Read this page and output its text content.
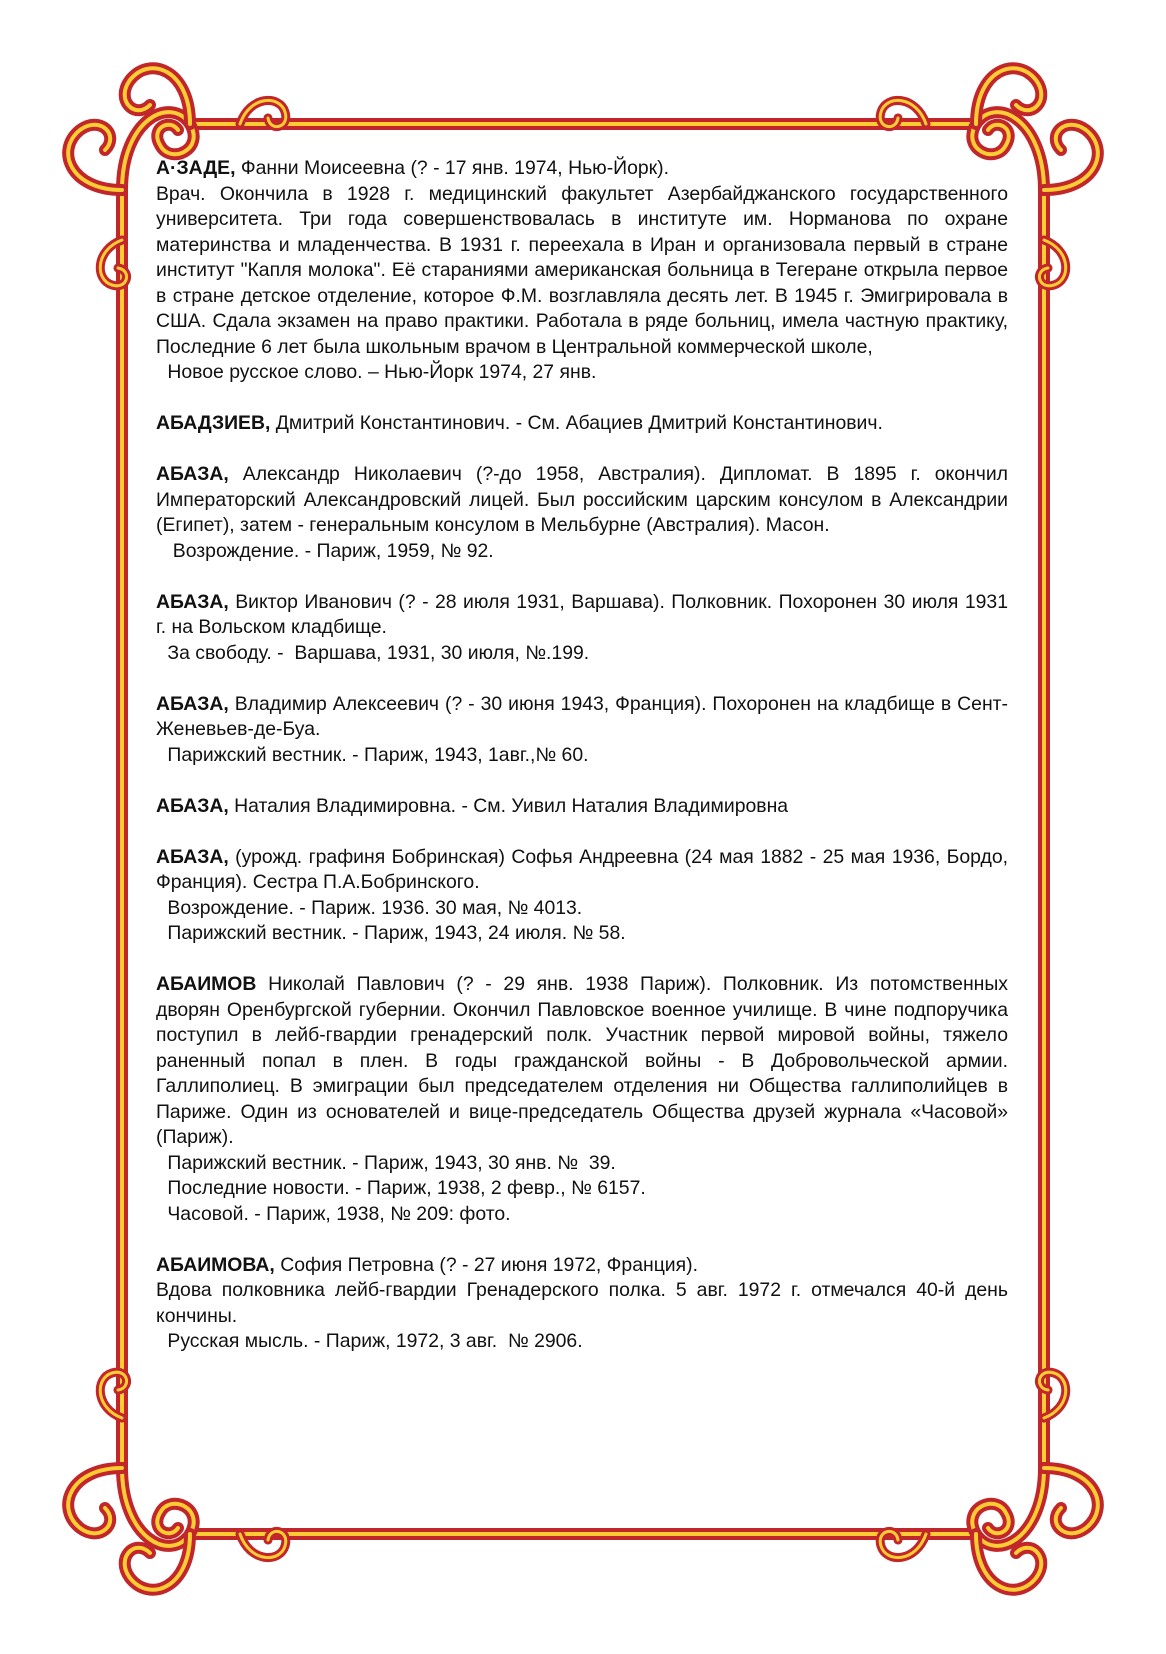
А·ЗАДЕ, Фанни Моисеевна (? - 17 янв. 1974, Нью-Йорк).

Врач. Окончила в 1928 г. медицинский факультет Азербайджанского государственного университета. Три года совершенствовалась в институте им. Норманова по охране материнства и младенчества. В 1931 г. переехала в Иран и организовала первый в стране институт "Капля молока". Её стараниями американская больница в Тегеране открыла первое в стране детское отделение, которое Ф.М. возглавляла десять лет. В 1945 г. Эмигрировала в США. Сдала экзамен на право практики. Работала в ряде больниц, имела частную практику, Последние 6 лет была школьным врачом в Центральной коммерческой школе,

Новое русское слово. – Нью-Йорк 1974, 27 янв.

АБАДЗИЕВ, Дмитрий Константинович. - См. Абациев Дмитрий Константинович.

АБАЗА, Александр Николаевич (?-до 1958, Австралия). Дипломат. В 1895 г. окончил Императорский Александровский лицей. Был российским царским консулом в Александрии (Египет), затем - генеральным консулом в Мельбурне (Австралия). Масон.

Возрождение. - Париж, 1959, № 92.

АБАЗА, Виктор Иванович (? - 28 июля 1931, Варшава). Полковник. Похоронен 30 июля 1931 г. на Вольском кладбище.

За свободу. -  Варшава, 1931, 30 июля, №.199.

АБАЗА, Владимир Алексеевич (? - 30 июня 1943, Франция). Похоронен на кладбище в Сент-Женевьев-де-Буа.

Парижский вестник. - Париж, 1943, 1авг.,№ 60.

АБАЗА, Наталия Владимировна. - См. Уивил Наталия Владимировна

АБАЗА, (урожд. графиня Бобринская) Софья Андреевна (24 мая 1882 - 25 мая 1936, Бордо, Франция). Сестра П.А.Бобринского.

Возрождение. - Париж. 1936. 30 мая, № 4013.

Парижский вестник. - Париж, 1943, 24 июля. № 58.

АБАИМОВ Николай Павлович (? - 29 янв. 1938 Париж). Полковник. Из потомственных дворян Оренбургской губернии. Окончил Павловское военное училище. В чине подпоручика поступил в лейб-гвардии гренадерский полк. Участник первой мировой войны, тяжело раненный попал в плен. В годы гражданской войны - В Добровольческой армии. Галлиполиец. В эмиграции был председателем отделения ни Общества галлиполийцев в Париже. Один из основателей и вице-председатель Общества друзей журнала «Часовой» (Париж).

Парижский вестник. - Париж, 1943, 30 янв. №  39.

Последние новости. - Париж, 1938, 2 февр., № 6157.

Часовой. - Париж, 1938, № 209: фото.

АБАИМОВА, София Петровна (? - 27 июня 1972, Франция).

Вдова полковника лейб-гвардии Гренадерского полка. 5 авг. 1972 г. отмечался 40-й день кончины.

Русская мысль. - Париж, 1972, 3 авг.  № 2906.
